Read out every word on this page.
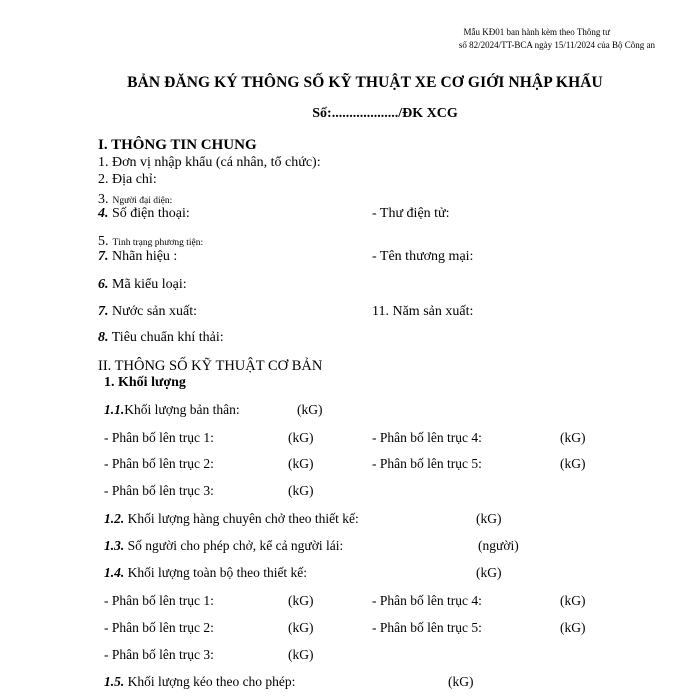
Mẫu KĐ01 ban hành kèm theo Thông tư
số 82/2024/TT-BCA ngày 15/11/2024 của Bộ Công an
BẢN ĐĂNG KÝ THÔNG SỐ KỸ THUẬT XE CƠ GIỚI NHẬP KHẨU
Số:.................../ĐK XCG
I. THÔNG TIN CHUNG
1. Đơn vị nhập khẩu (cá nhân, tổ chức):
2. Địa chỉ:
3. Người đại diện:
4. Số điện thoại:	- Thư điện tử:
5. Tình trạng phương tiện:
7. Nhãn hiệu :	- Tên thương mại:
6. Mã kiểu loại:
7. Nước sản xuất:	11. Năm sản xuất:
8. Tiêu chuẩn khí thải:
II. THÔNG SỐ KỸ THUẬT CƠ BẢN
1. Khối lượng
1.1.Khối lượng bản thân:	(kG)
- Phân bố lên trục 1:	(kG)	- Phân bố lên trục 4:	(kG)
- Phân bố lên trục 2:	(kG)	- Phân bố lên trục 5:	(kG)
- Phân bố lên trục 3:	(kG)
1.2. Khối lượng hàng chuyên chở theo thiết kế:	(kG)
1.3. Số người cho phép chở, kể cả người lái:	(người)
1.4. Khối lượng toàn bộ theo thiết kế:	(kG)
- Phân bố lên trục 1:	(kG)	- Phân bố lên trục 4:	(kG)
- Phân bố lên trục 2:	(kG)	- Phân bố lên trục 5:	(kG)
- Phân bố lên trục 3:	(kG)
1.5. Khối lượng kéo theo cho phép:	(kG)
